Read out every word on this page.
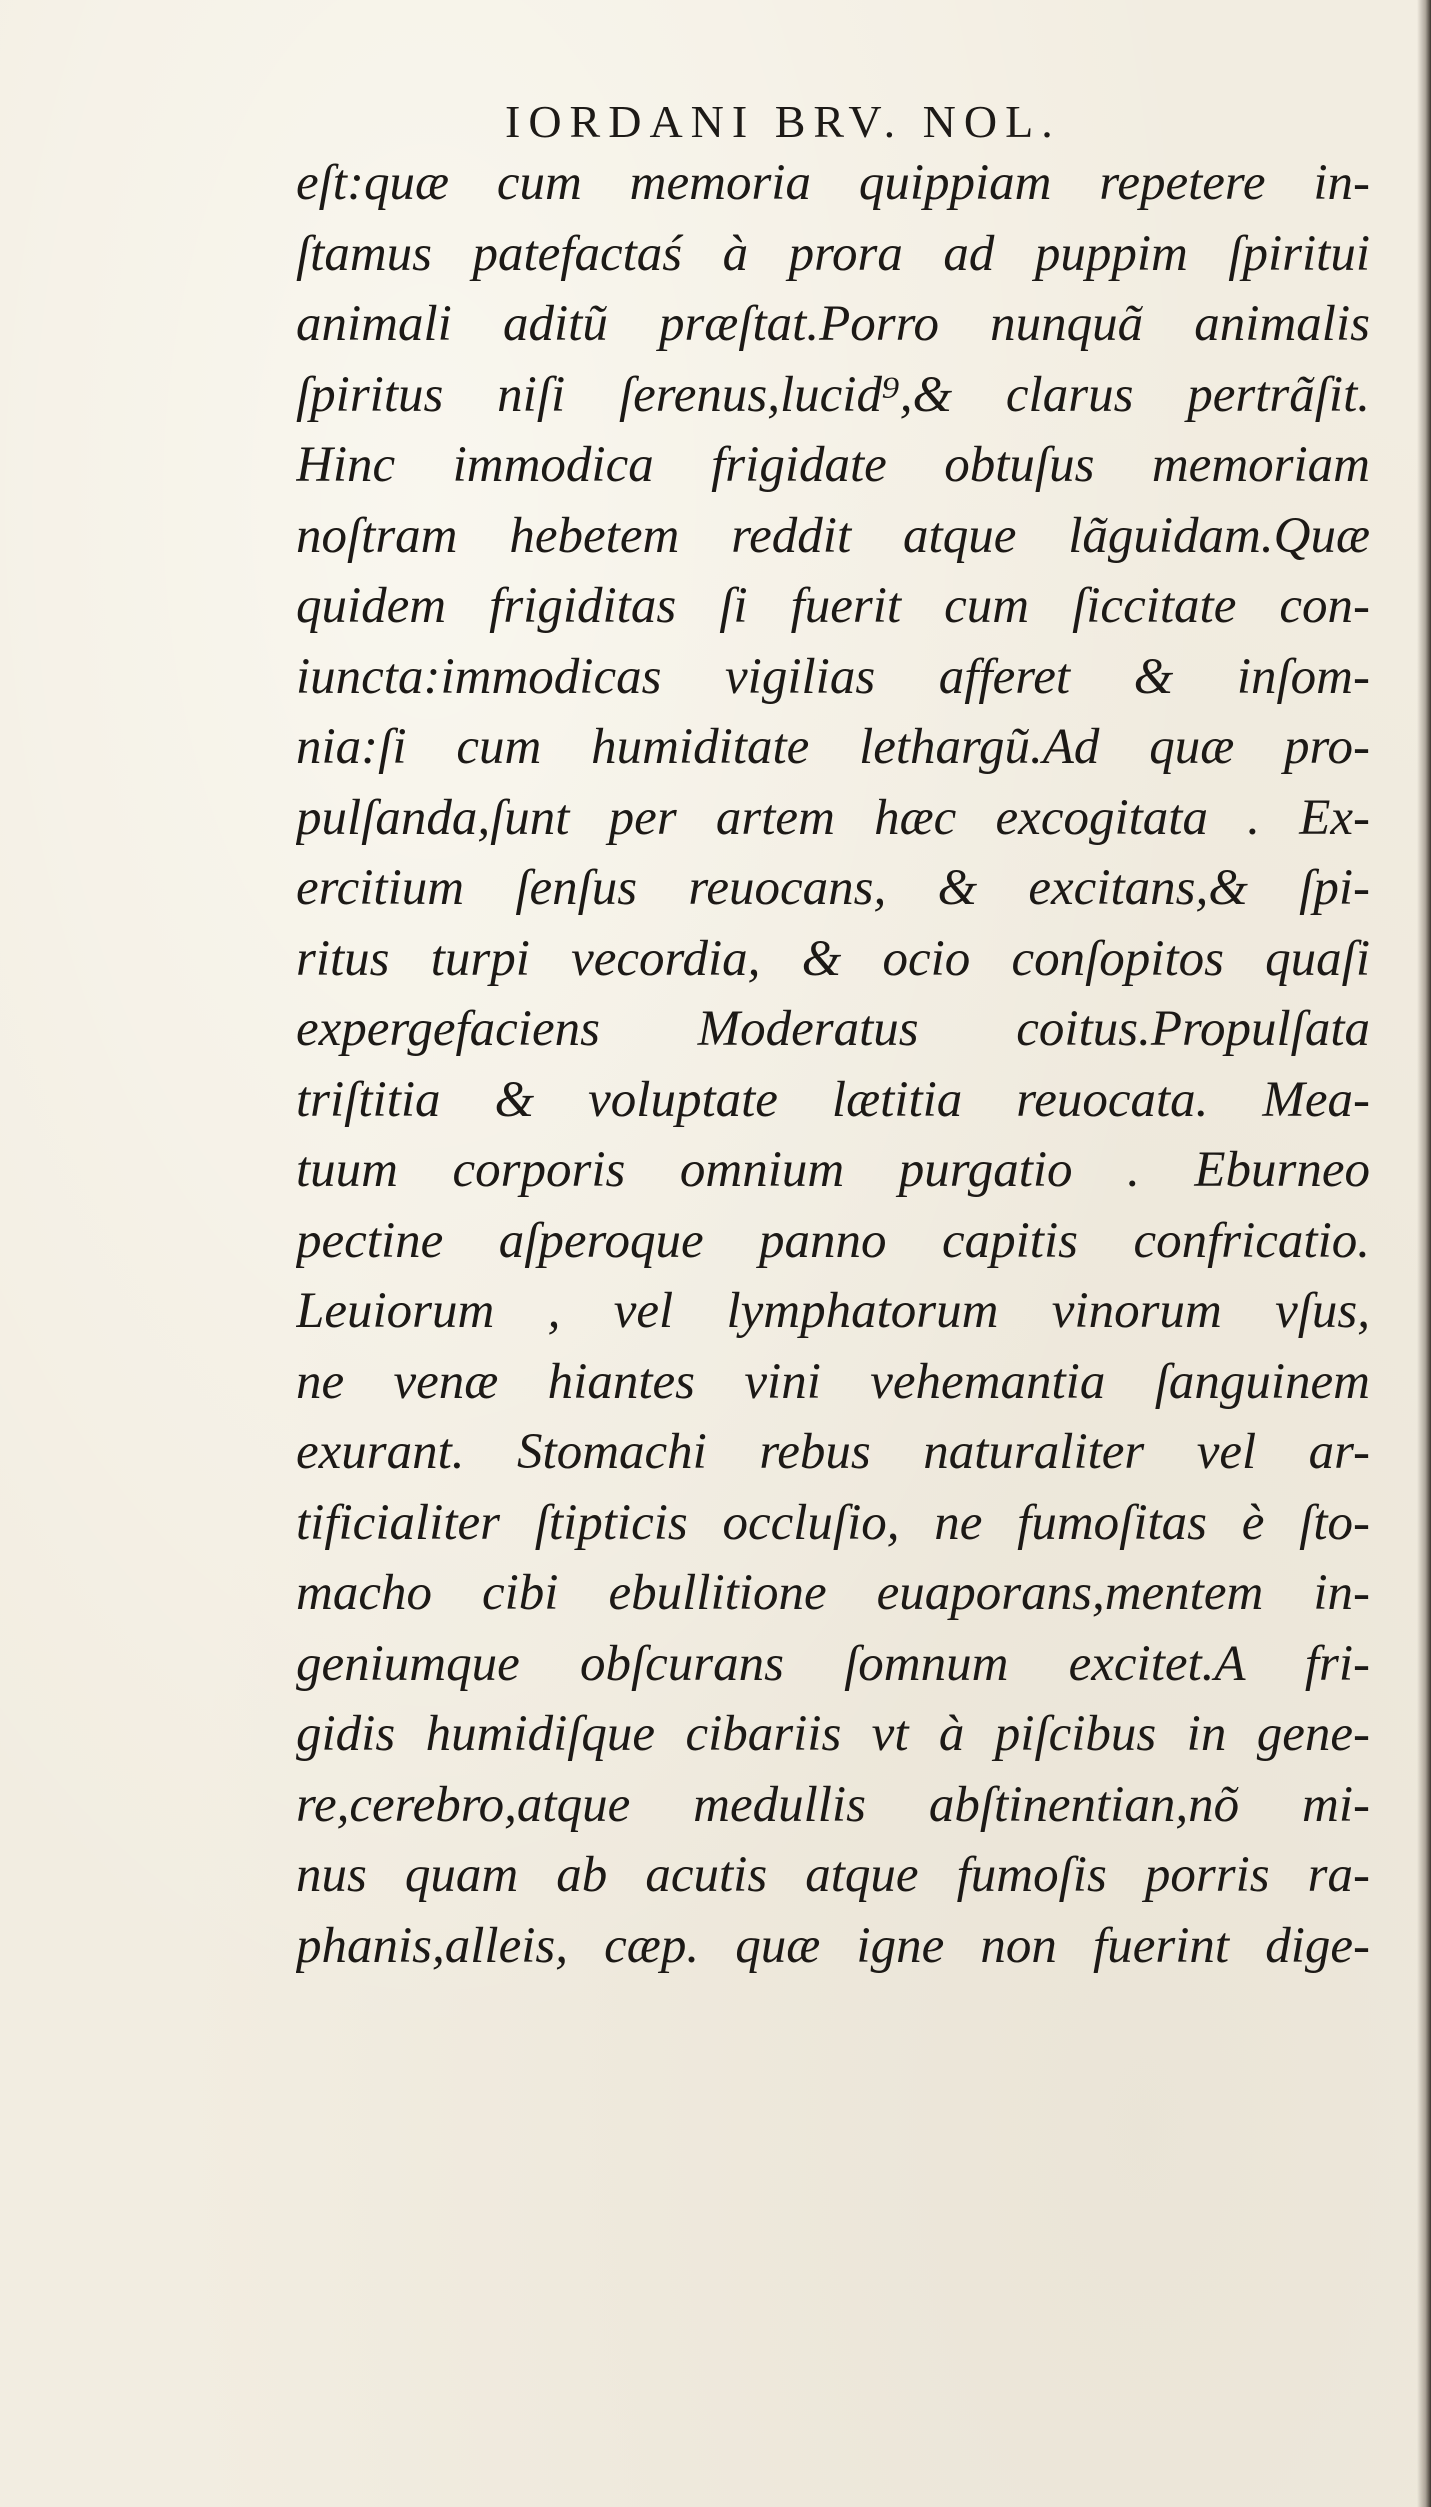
IORDANI BRV. NOL.
eſt:quæ cum memoria quippiam repetere in-
ſtamus patefactaś à prora ad puppim ſpiritui
animali aditũ præſtat.Porro nunquã animalis
ſpiritus niſi ſerenus,lucid⁹,& clarus pertrãſit.
Hinc immodica frigidate obtuſus memoriam
noſtram hebetem reddit atque lãguidam.Quæ
quidem frigiditas ſi fuerit cum ſiccitate con-
iuncta:immodicas vigilias afferet & inſom-
nia:ſi cum humiditate lethargũ.Ad quæ pro-
pulſanda,ſunt per artem hæc excogitata . Ex-
ercitium ſenſus reuocans, & excitans,& ſpi-
ritus turpi vecordia, & ocio conſopitos quaſi
expergefaciens Moderatus coitus.Propulſata
triſtitia & voluptate lætitia reuocata. Mea-
tuum corporis omnium purgatio . Eburneo
pectine aſperoque panno capitis confricatio.
Leuiorum , vel lymphatorum vinorum vſus,
ne venæ hiantes vini vehemantia ſanguinem
exurant. Stomachi rebus naturaliter vel ar-
tificialiter ſtipticis occluſio, ne fumoſitas è ſto-
macho cibi ebullitione euaporans,mentem in-
geniumque obſcurans ſomnum excitet.A fri-
gidis humidiſque cibariis vt à piſcibus in gene-
re,cerebro,atque medullis abſtinentian,nõ mi-
nus quam ab acutis atque fumoſis porris ra-
phanis,alleis, cæp. quæ igne non fuerint dige-
